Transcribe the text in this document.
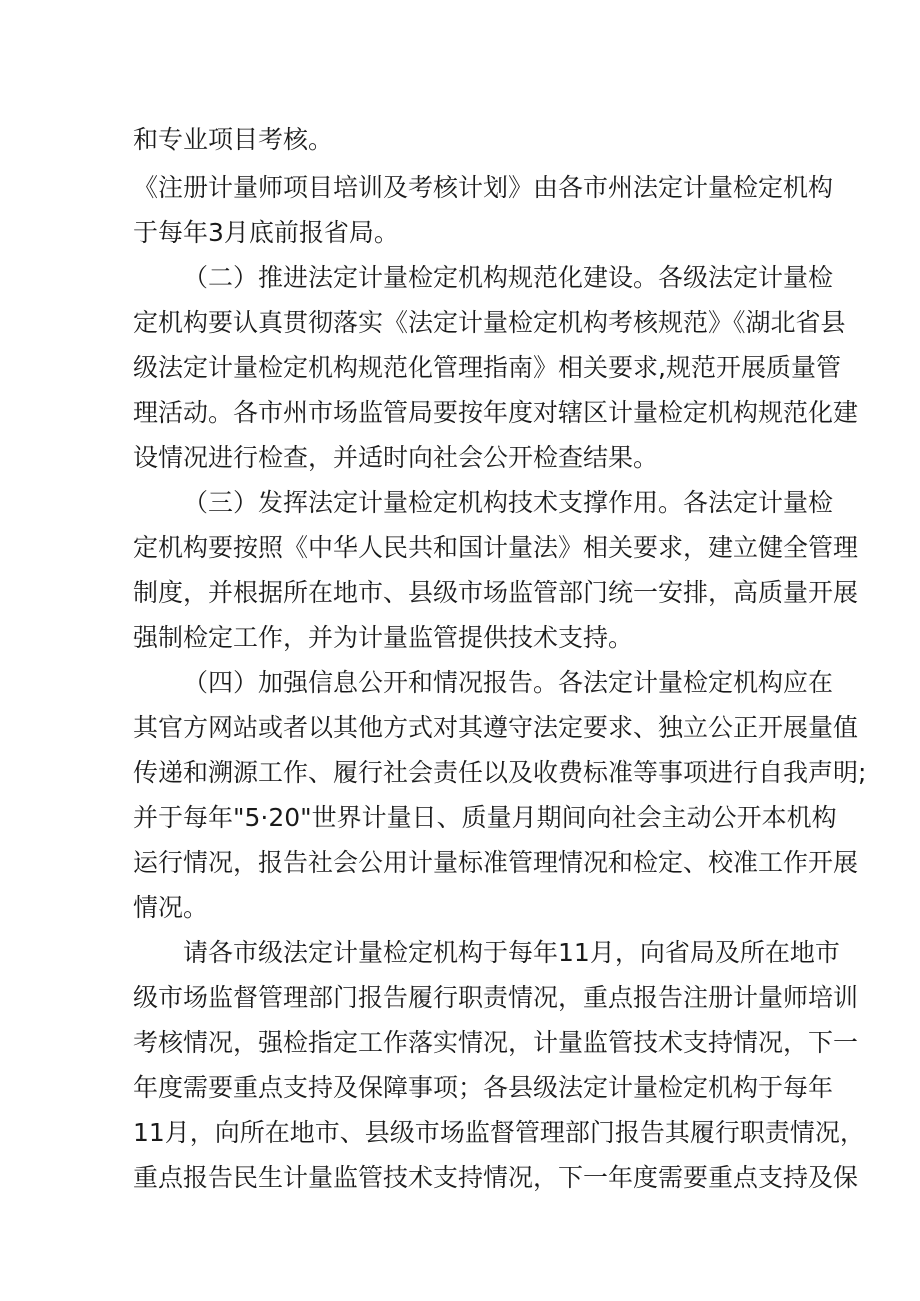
和专业项目考核。
《注册计量师项目培训及考核计划》由各市州法定计量检定机构
于每年3月底前报省局。
（二）推进法定计量检定机构规范化建设。各级法定计量检
定机构要认真贯彻落实《法定计量检定机构考核规范》《湖北省县
级法定计量检定机构规范化管理指南》相关要求,规范开展质量管
理活动。各市州市场监管局要按年度对辖区计量检定机构规范化建
设情况进行检查，并适时向社会公开检查结果。
（三）发挥法定计量检定机构技术支撑作用。各法定计量检
定机构要按照《中华人民共和国计量法》相关要求，建立健全管理
制度，并根据所在地市、县级市场监管部门统一安排，高质量开展
强制检定工作，并为计量监管提供技术支持。
（四）加强信息公开和情况报告。各法定计量检定机构应在
其官方网站或者以其他方式对其遵守法定要求、独立公正开展量值
传递和溯源工作、履行社会责任以及收费标准等事项进行自我声明;
并于每年"5·20"世界计量日、质量月期间向社会主动公开本机构
运行情况，报告社会公用计量标准管理情况和检定、校准工作开展
情况。
请各市级法定计量检定机构于每年11月，向省局及所在地市
级市场监督管理部门报告履行职责情况，重点报告注册计量师培训
考核情况，强检指定工作落实情况，计量监管技术支持情况，下一
年度需要重点支持及保障事项；各县级法定计量检定机构于每年
11月，向所在地市、县级市场监督管理部门报告其履行职责情况，
重点报告民生计量监管技术支持情况，下一年度需要重点支持及保
